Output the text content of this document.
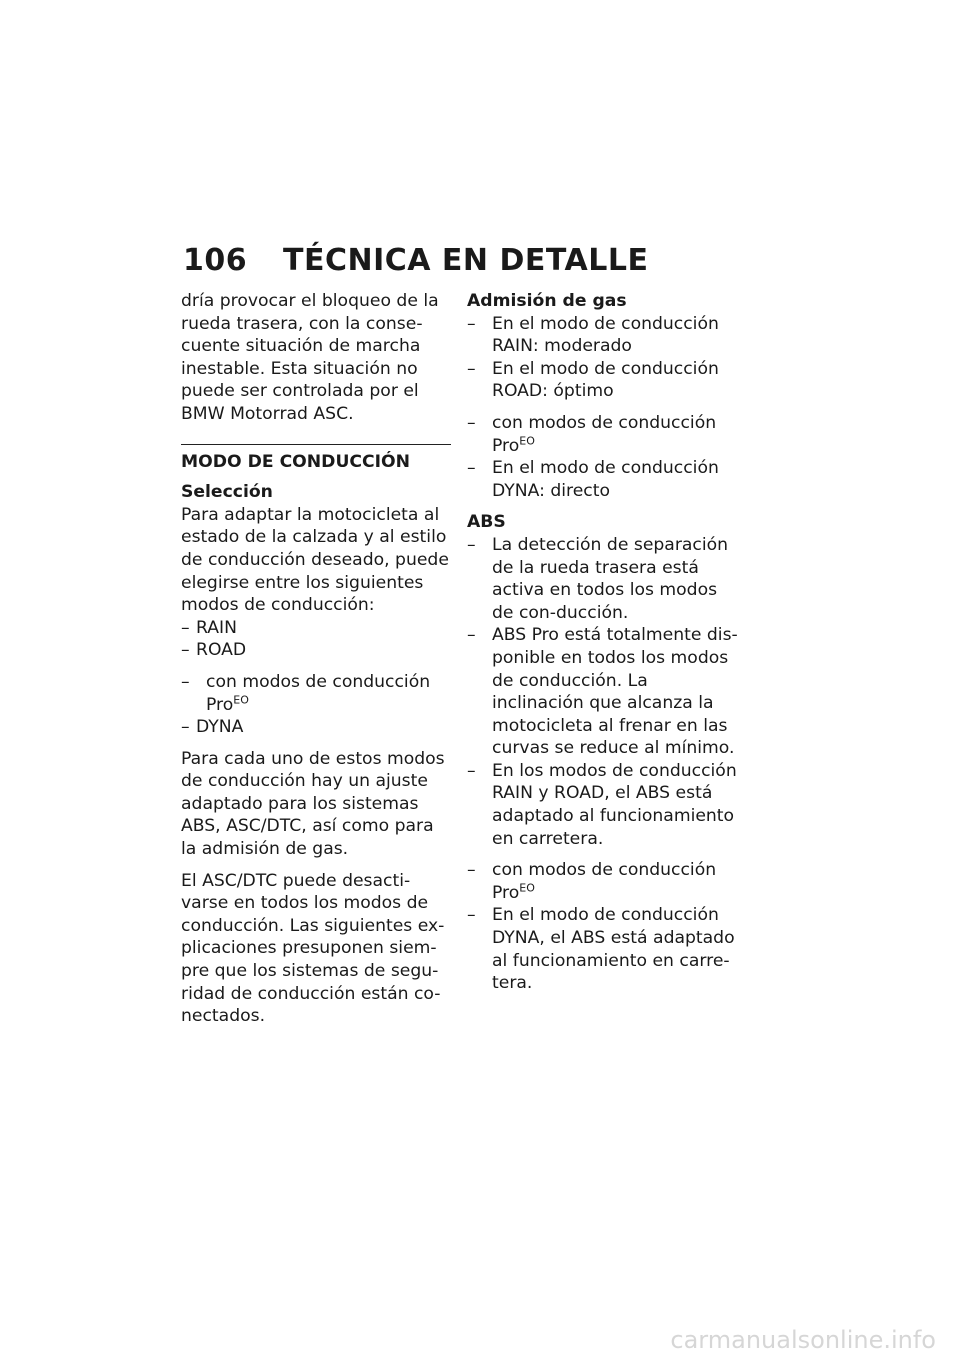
106 TÉCNICA EN DETALLE

dría provocar el bloqueo de la rueda trasera, con la conse-cuente situación de marcha inestable. Esta situación no puede ser controlada por el BMW Motorrad ASC.

MODO DE CONDUCCIÓN
Selección

Para adaptar la motocicleta al estado de la calzada y al estilo de conducción deseado, puede elegirse entre los siguientes modos de conducción:

– RAIN
– ROAD
– con modos de conducción Pro$^{EO}$
– DYNA

Para cada uno de estos modos de conducción hay un ajuste adaptado para los sistemas ABS, ASC/DTC, así como para la admisión de gas.

El ASC/DTC puede desacti-varse en todos los modos de conducción. Las siguientes ex-plicaciones presuponen siem-pre que los sistemas de segu-ridad de conducción están co-nectados.

Admisión de gas
– En el modo de conducción RAIN: moderado
– En el modo de conducción ROAD: óptimo
– con modos de conducción Pro$^{EO}$
– En el modo de conducción DYNA: directo
ABS
– La detección de separación de la rueda trasera está activa en todos los modos de con-ducción.
– ABS Pro está totalmente dis-ponible en todos los modos de conducción. La inclinación que alcanza la motocicleta al frenar en las curvas se reduce al mínimo.
– En los modos de conducción RAIN y ROAD, el ABS está adaptado al funcionamiento en carretera.
– con modos de conducción Pro$^{EO}$
– En el modo de conducción DYNA, el ABS está adaptado al funcionamiento en carre-tera.
carmanualsonline.info
